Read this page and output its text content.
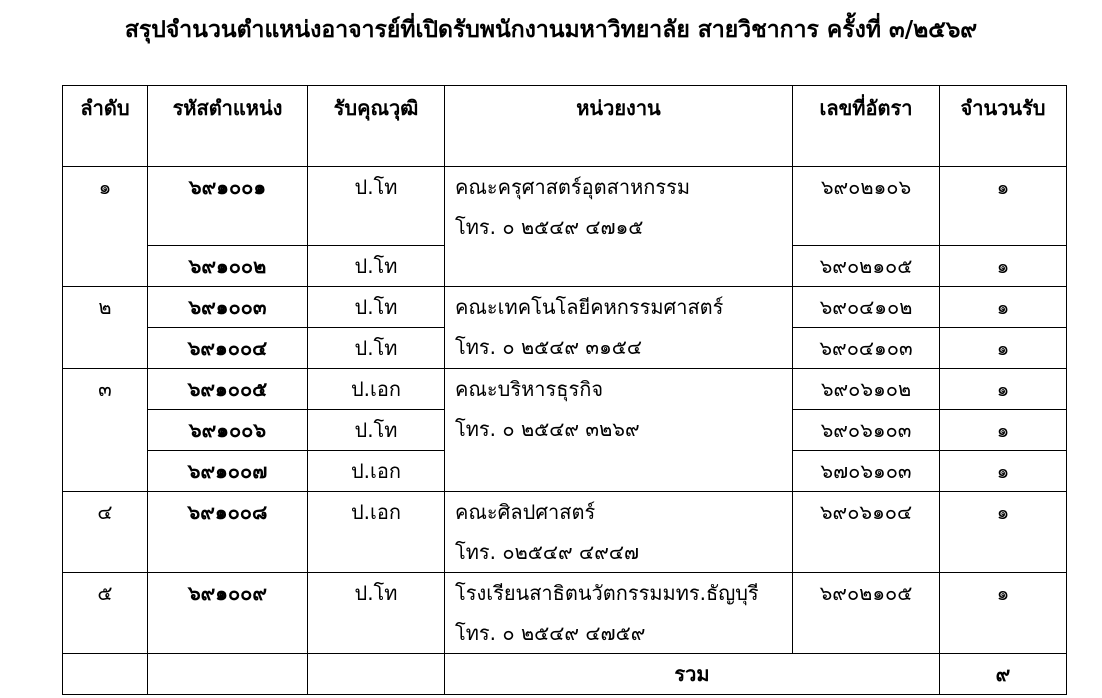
สรุปจำนวนตำแหน่งอาจารย์ที่เปิดรับพนักงานมหาวิทยาลัย สายวิชาการ ครั้งที่ ๓/๒๕๖๙
ลำดับ	รหัสตำแหน่ง	รับคุณวุฒิ	หน่วยงาน	เลขที่อัตรา	จำนวนรับ
๑	๖๙๑๐๐๑	ป.โท	คณะครุศาสตร์อุตสาหกรรม
โทร. ๐ ๒๕๔๙ ๔๗๑๕	๖๙๐๒๑๐๖	๑
	๖๙๑๐๐๒	ป.โท		๖๙๐๒๑๐๕	๑
๒	๖๙๑๐๐๓	ป.โท	คณะเทคโนโลยีคหกรรมศาสตร์
โทร. ๐ ๒๕๔๙ ๓๑๕๔	๖๙๐๔๑๐๒	๑
	๖๙๑๐๐๔	ป.โท		๖๙๐๔๑๐๓	๑
๓	๖๙๑๐๐๕	ป.เอก	คณะบริหารธุรกิจ
โทร. ๐ ๒๕๔๙ ๓๒๖๙	๖๙๐๖๑๐๒	๑
	๖๙๑๐๐๖	ป.โท		๖๙๐๖๑๐๓	๑
	๖๙๑๐๐๗	ป.เอก		๖๗๐๖๑๐๓	๑
๔	๖๙๑๐๐๘	ป.เอก	คณะศิลปศาสตร์
โทร. ๐๒๕๔๙ ๔๙๔๗	๖๙๐๖๑๐๔	๑
๕	๖๙๑๐๐๙	ป.โท	โรงเรียนสาธิตนวัตกรรมมทร.ธัญบุรี
โทร. ๐ ๒๕๔๙ ๔๗๕๙	๖๙๐๒๑๐๕	๑
			รวม		๙
